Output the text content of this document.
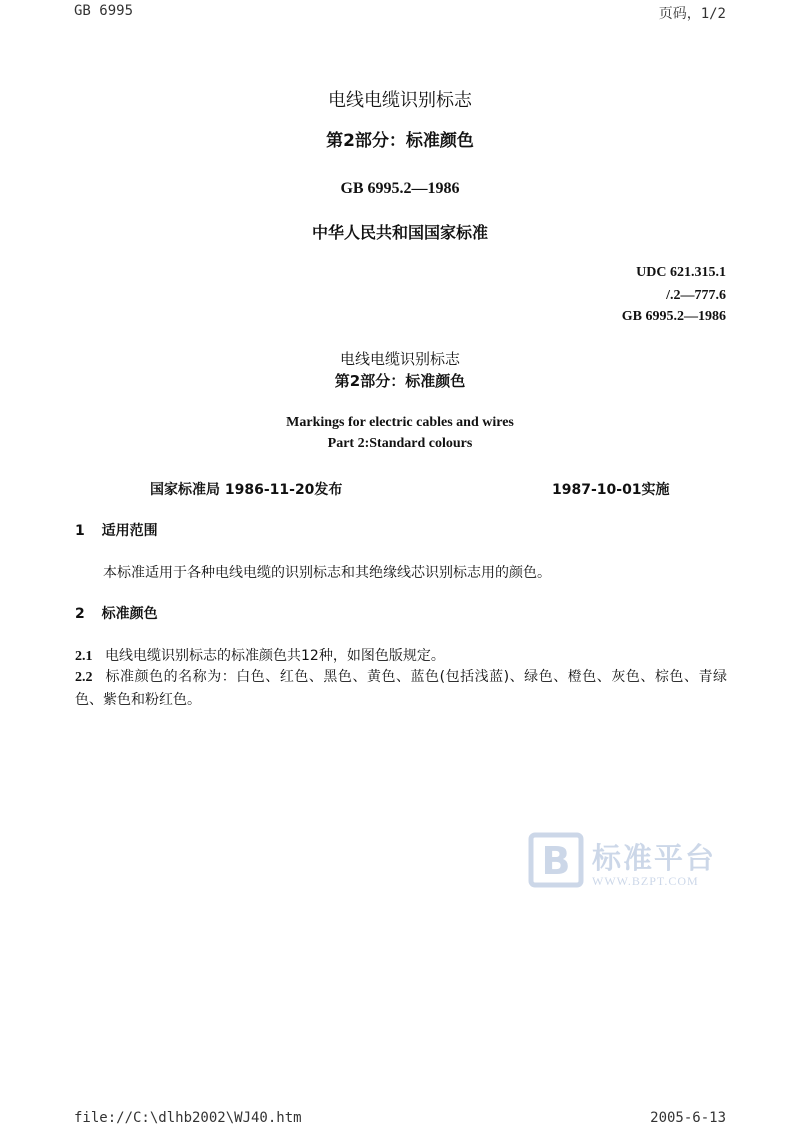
GB 6995	页码，1/2
电线电缆识别标志
第2部分：标准颜色
GB 6995.2—1986
中华人民共和国国家标准
UDC 621.315.1
/.2—777.6
GB 6995.2—1986
电线电缆识别标志
第2部分：标准颜色
Markings for electric cables and wires
Part 2:Standard colours
国家标准局 1986-11-20发布	1987-10-01实施
1 适用范围
本标准适用于各种电线电缆的识别标志和其绝缘线芯识别标志用的颜色。
2 标准颜色
2.1 电线电缆识别标志的标准颜色共12种，如图色版规定。
2.2 标准颜色的名称为：白色、红色、黑色、黄色、蓝色(包括浅蓝)、绿色、橙色、灰色、棕色、青绿色、紫色和粉红色。
B 标准平台
WWW.BZPT.COM
file://C:\dlhb2002\WJ40.htm	2005-6-13
